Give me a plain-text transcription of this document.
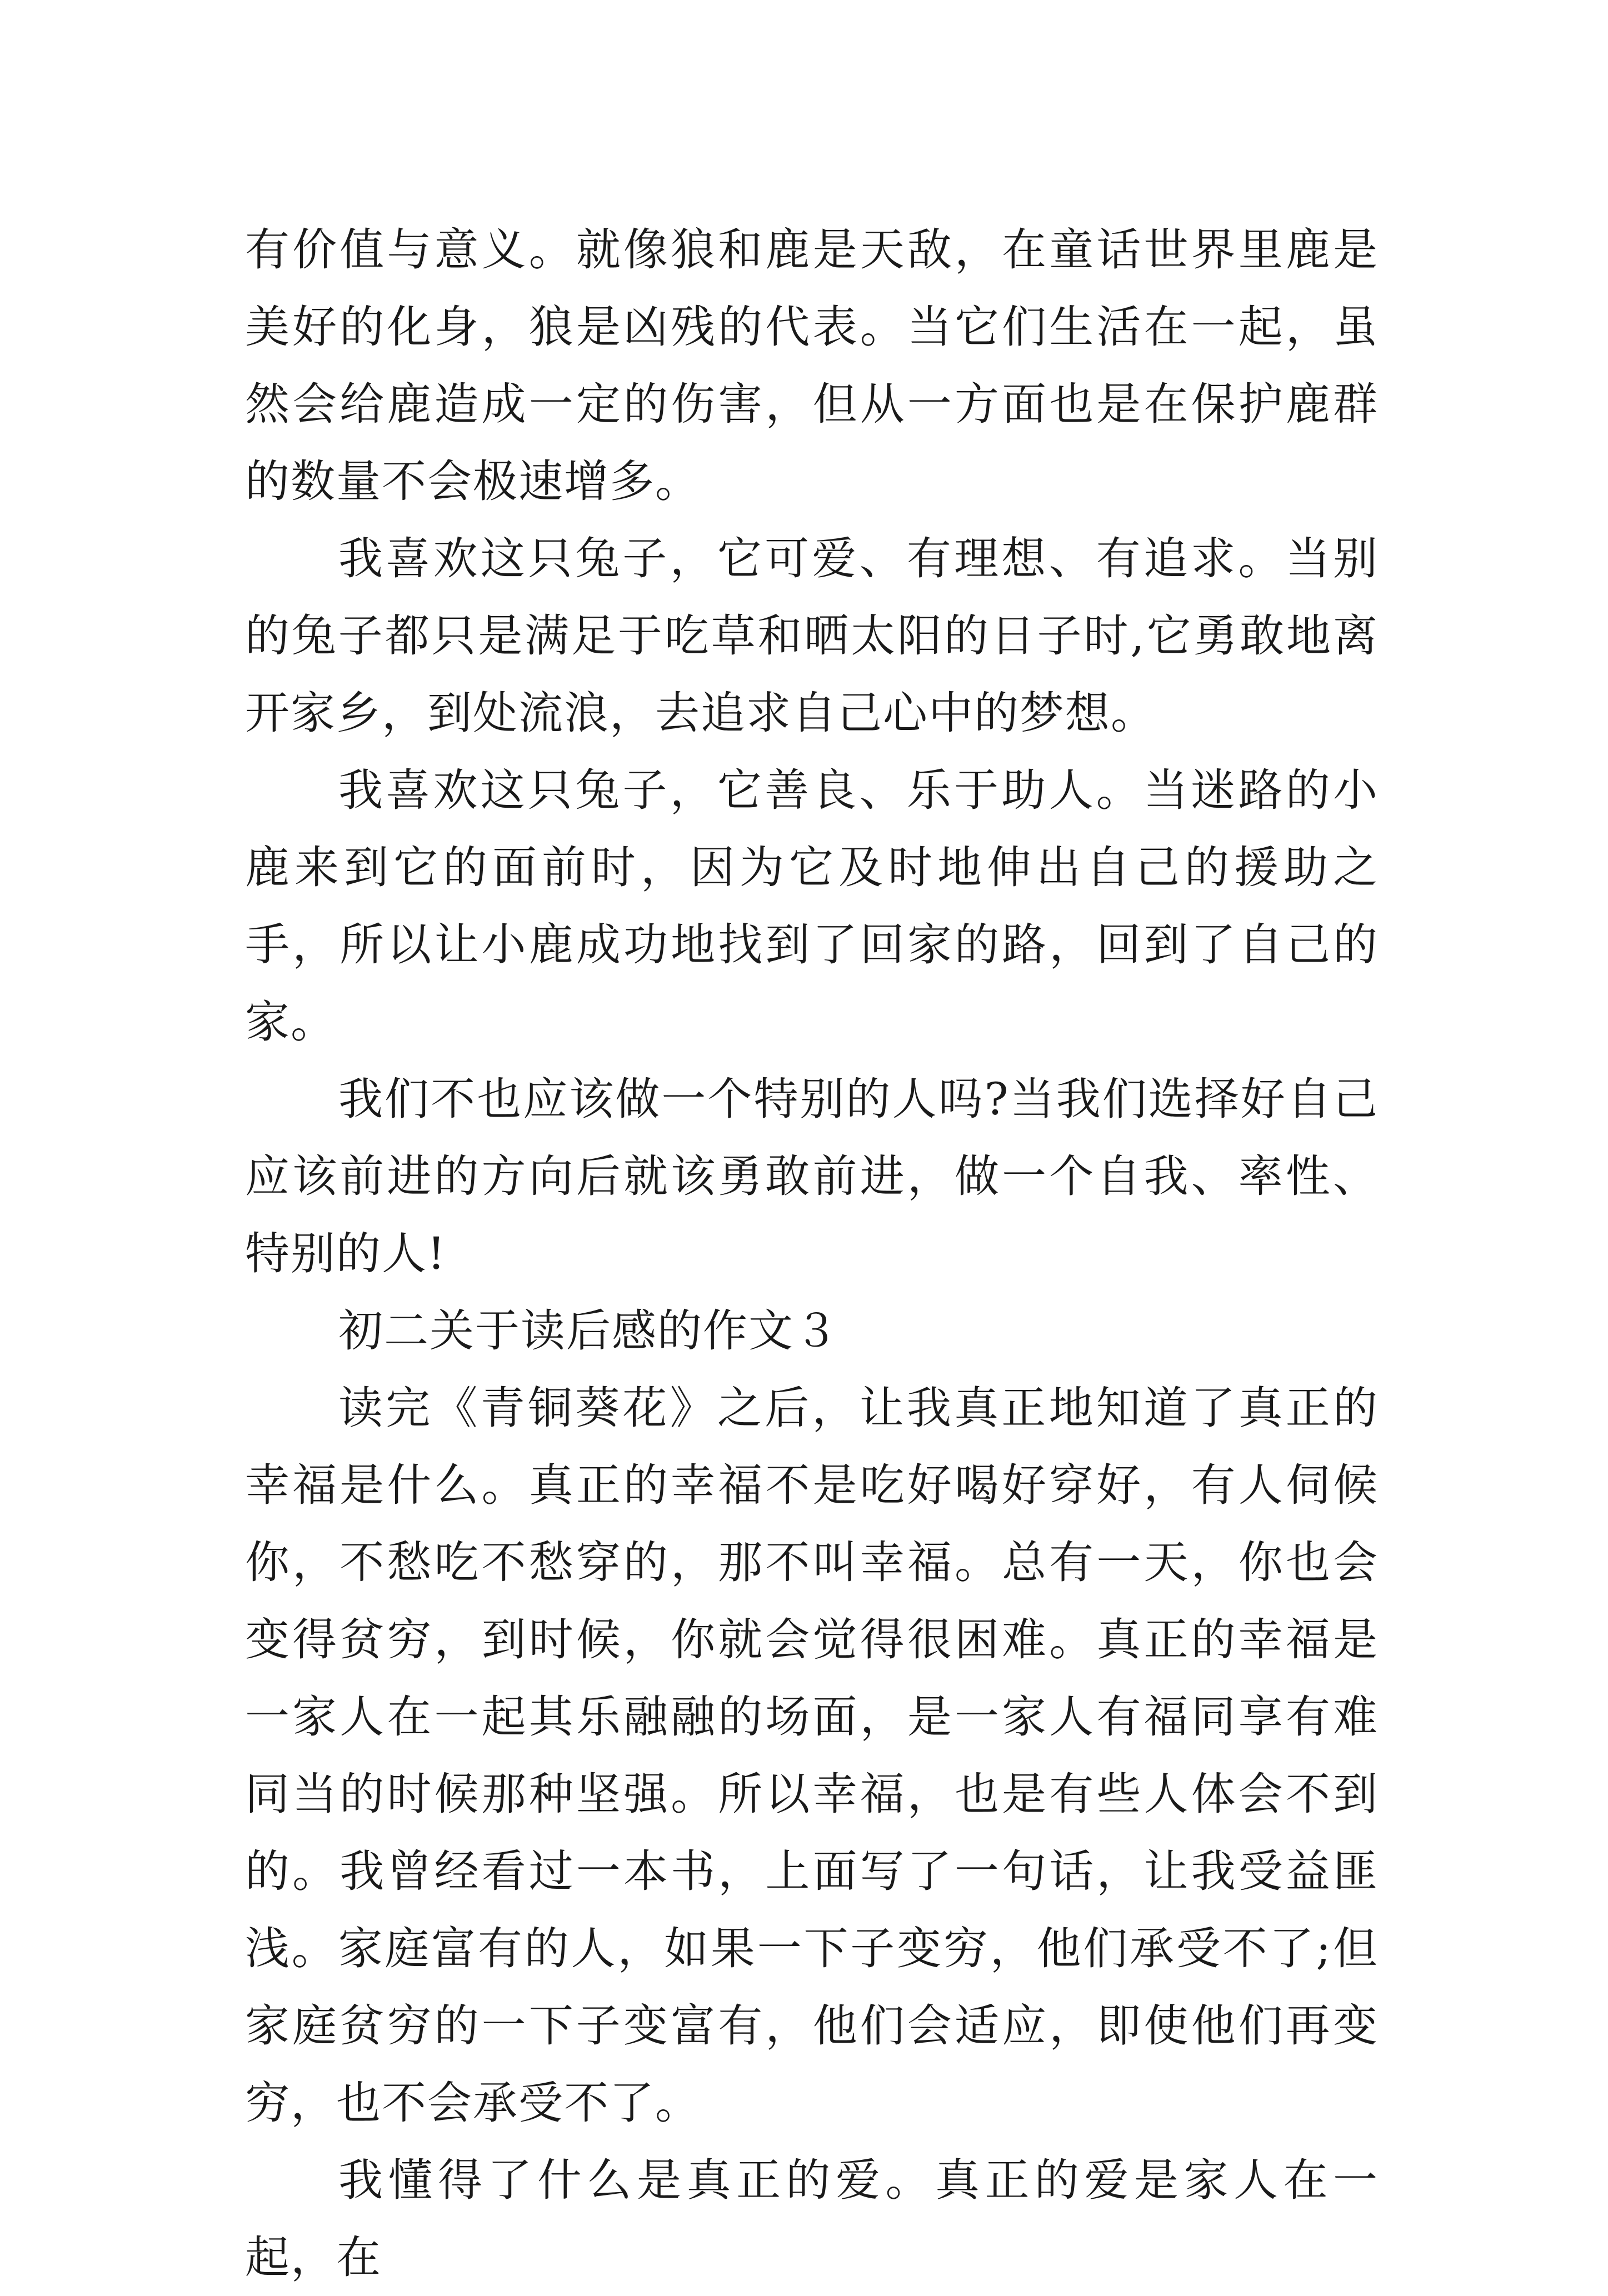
有价值与意义。就像狼和鹿是天敌，在童话世界里鹿是美好的化身，狼是凶残的代表。当它们生活在一起，虽然会给鹿造成一定的伤害，但从一方面也是在保护鹿群的数量不会极速增多。

我喜欢这只兔子，它可爱、有理想、有追求。当别的兔子都只是满足于吃草和晒太阳的日子时,它勇敢地离开家乡，到处流浪，去追求自己心中的梦想。

我喜欢这只兔子，它善良、乐于助人。当迷路的小鹿来到它的面前时，因为它及时地伸出自己的援助之手，所以让小鹿成功地找到了回家的路，回到了自己的家。

我们不也应该做一个特别的人吗?当我们选择好自己应该前进的方向后就该勇敢前进，做一个自我、率性、特别的人!

初二关于读后感的作文３

读完《青铜葵花》之后，让我真正地知道了真正的幸福是什么。真正的幸福不是吃好喝好穿好，有人伺候你，不愁吃不愁穿的，那不叫幸福。总有一天，你也会变得贫穷，到时候，你就会觉得很困难。真正的幸福是一家人在一起其乐融融的场面，是一家人有福同享有难同当的时候那种坚强。所以幸福，也是有些人体会不到的。我曾经看过一本书，上面写了一句话，让我受益匪浅。家庭富有的人，如果一下子变穷，他们承受不了;但家庭贫穷的一下子变富有，他们会适应，即使他们再变穷，也不会承受不了。

我懂得了什么是真正的爱。真正的爱是家人在一起，在
